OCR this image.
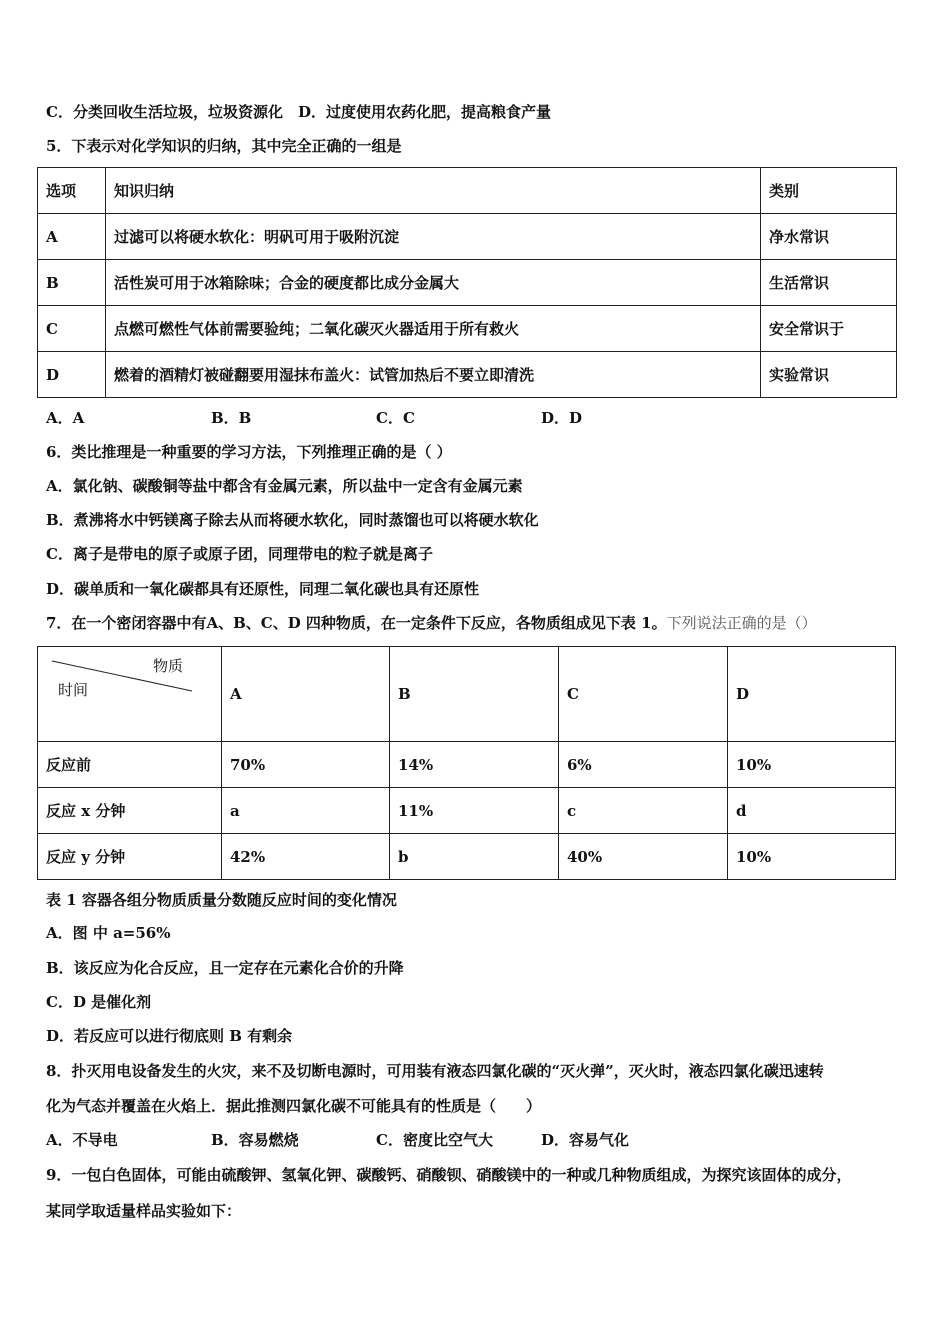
C．分类回收生活垃圾，垃圾资源化　D．过度使用农药化肥，提高粮食产量
5．下表示对化学知识的归纳，其中完全正确的一组是
选项	知识归纳	类别
A	过滤可以将硬水软化：明矾可用于吸附沉淀	净水常识
B	活性炭可用于冰箱除味；合金的硬度都比成分金属大	生活常识
C	点燃可燃性气体前需要验纯；二氧化碳灭火器适用于所有救火	安全常识于
D	燃着的酒精灯被碰翻要用湿抹布盖火：试管加热后不要立即清洗	实验常识
A．A	B．B	C．C	D．D
6．类比推理是一种重要的学习方法，下列推理正确的是（ ）
A．氯化钠、碳酸铜等盐中都含有金属元素，所以盐中一定含有金属元素
B．煮沸将水中钙镁离子除去从而将硬水软化，同时蒸馏也可以将硬水软化
C．离子是带电的原子或原子团，同理带电的粒子就是离子
D．碳单质和一氧化碳都具有还原性，同理二氧化碳也具有还原性
7．在一个密闭容器中有A、B、C、D 四种物质，在一定条件下反应，各物质组成见下表 1。下列说法正确的是（）
物质
时间	A	B	C	D
反应前	70%	14%	6%	10%
反应 x 分钟	a	11%	c	d
反应 y 分钟	42%	b	40%	10%
表 1 容器各组分物质质量分数随反应时间的变化情况
A．图 中 a=56%
B．该反应为化合反应，且一定存在元素化合价的升降
C．D 是催化剂
D．若反应可以进行彻底则 B 有剩余
8．扑灭用电设备发生的火灾，来不及切断电源时，可用装有液态四氯化碳的“灭火弹”，灭火时，液态四氯化碳迅速转
化为气态并覆盖在火焰上．据此推测四氯化碳不可能具有的性质是（　　）
A．不导电	B．容易燃烧	C．密度比空气大	D．容易气化
9．一包白色固体，可能由硫酸钾、氢氧化钾、碳酸钙、硝酸钡、硝酸镁中的一种或几种物质组成，为探究该固体的成分，
某同学取适量样品实验如下：
